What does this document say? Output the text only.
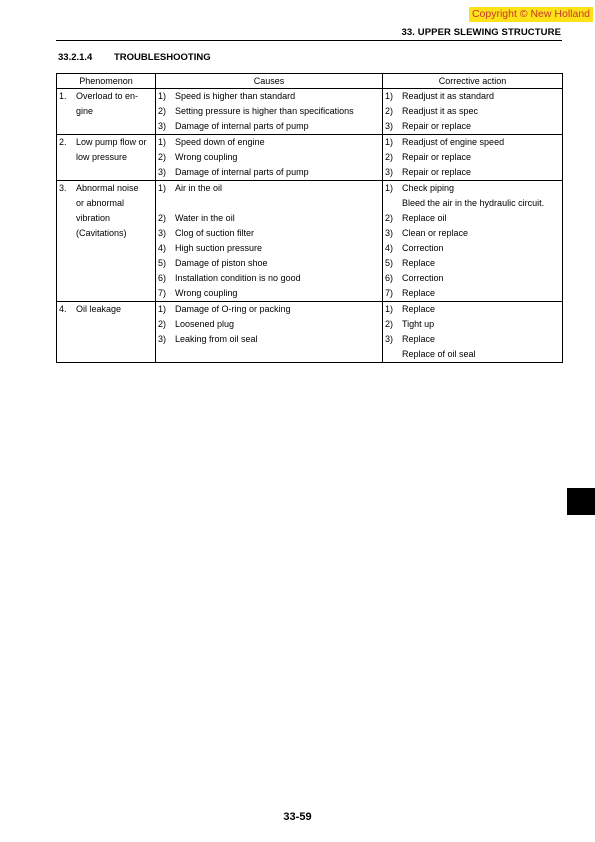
Copyright © New Holland
33. UPPER SLEWING STRUCTURE
33.2.1.4 TROUBLESHOOTING
Phenomenon	Causes	Corrective action

1. Overload to en-	1) Speed is higher than standard	1) Readjust it as standard

gine	2) Setting pressure is higher than specifications	2) Readjust it as spec

	3) Damage of internal parts of pump	3) Repair or replace

2. Low pump flow or	1) Speed down of engine	1) Readjust of engine speed

low pressure	2) Wrong coupling	2) Repair or replace

	3) Damage of internal parts of pump	3) Repair or replace

3. Abnormal noise	1) Air in the oil	1) Check piping

or abnormal		Bleed the air in the hydraulic circuit.

vibration	2) Water in the oil	2) Replace oil

(Cavitations)	3) Clog of suction filter	3) Clean or replace

	4) High suction pressure	4) Correction

	5) Damage of piston shoe	5) Replace

	6) Installation condition is no good	6) Correction

	7) Wrong coupling	7) Replace

4. Oil leakage	1) Damage of O-ring or packing	1) Replace

	2) Loosened plug	2) Tight up

	3) Leaking from oil seal	3) Replace

		Replace of oil seal
33-59
